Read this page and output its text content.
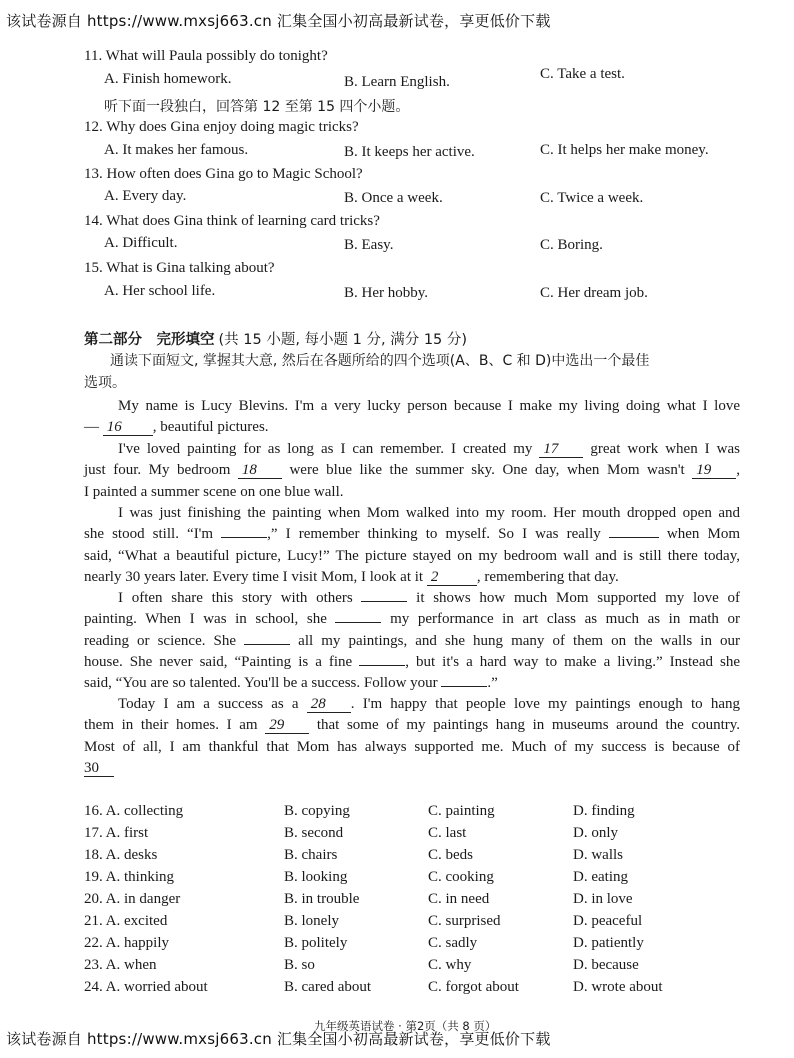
该试卷源自 https://www.mxsj663.cn 汇集全国小初高最新试卷，享更低价下载
11. What will Paula possibly do tonight?
A. Finish homework.	B. Learn English.	C. Take a test.
听下面一段独白，回答第 12 至第 15 四个小题。
12. Why does Gina enjoy doing magic tricks?
A. It makes her famous.	B. It keeps her active.	C. It helps her make money.
13. How often does Gina go to Magic School?
A. Every day.	B. Once a week.	C. Twice a week.
14. What does Gina think of learning card tricks?
A. Difficult.	B. Easy.	C. Boring.
15. What is Gina talking about?
A. Her school life.	B. Her hobby.	C. Her dream job.
第二部分　完形填空 (共 15 小题, 每小题 1 分, 满分 15 分)
通读下面短文, 掌握其大意, 然后在各题所给的四个选项(A、B、C 和 D)中选出一个最佳
选项。
My name is Lucy Blevins. I'm a very lucky person because I make my living doing what I love
— 16 , beautiful pictures.
I've loved painting for as long as I can remember. I created my 17 great work when I was
just four. My bedroom 18 were blue like the summer sky. One day, when Mom wasn't 19 ,
I painted a summer scene on one blue wall.
I was just finishing the painting when Mom walked into my room. Her mouth dropped open and
she stood still. “I'm	,” I remember thinking to myself. So I was really	when Mom
said, “What a beautiful picture, Lucy!” The picture stayed on my bedroom wall and is still there today,
nearly 30 years later. Every time I visit Mom, I look at it 2	, remembering that day.
I often share this story with others	it shows how much Mom supported my love of
painting. When I was in school, she	my performance in art class as much as in math or
reading or science. She	all my paintings, and she hung many of them on the walls in our
house. She never said, “Painting is a fine	, but it's a hard way to make a living.” Instead she
said, “You are so talented. You'll be a success. Follow your	.”
Today I am a success as a 28 . I'm happy that people love my paintings enough to hang
them in their homes. I am 29 that some of my paintings hang in museums around the country.
Most of all, I am thankful that Mom has always supported me. Much of my success is because of
30
16. A. collecting	B. copying	C. painting	D. finding
17. A. first	B. second	C. last	D. only
18. A. desks	B. chairs	C. beds	D. walls
19. A. thinking	B. looking	C. cooking	D. eating
20. A. in danger	B. in trouble	C. in need	D. in love
21. A. excited	B. lonely	C. surprised	D. peaceful
22. A. happily	B. politely	C. sadly	D. patiently
23. A. when	B. so	C. why	D. because
24. A. worried about	B. cared about	C. forgot about	D. wrote about
九年级英语试卷 · 第2页（共 8 页）
该试卷源自 https://www.mxsj663.cn 汇集全国小初高最新试卷，享更低价下载
